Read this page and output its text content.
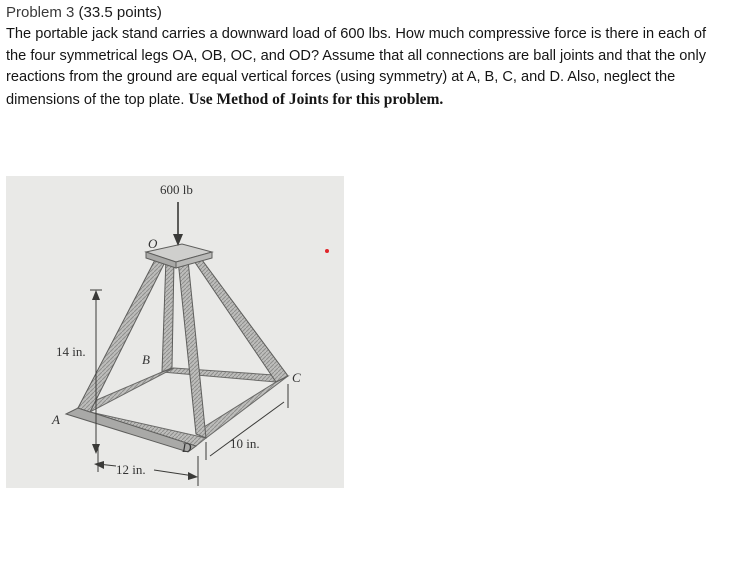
Problem 3 (33.5 points)
The portable jack stand carries a downward load of 600 lbs. How much compressive force is there in each of the four symmetrical legs OA, OB, OC, and OD? Assume that all connections are ball joints and that the only reactions from the ground are equal vertical forces (using symmetry) at A, B, C, and D. Also, neglect the dimensions of the top plate. Use Method of Joints for this problem.
600 lb
O
B
C
A
D
14 in.
10 in.
12 in.
